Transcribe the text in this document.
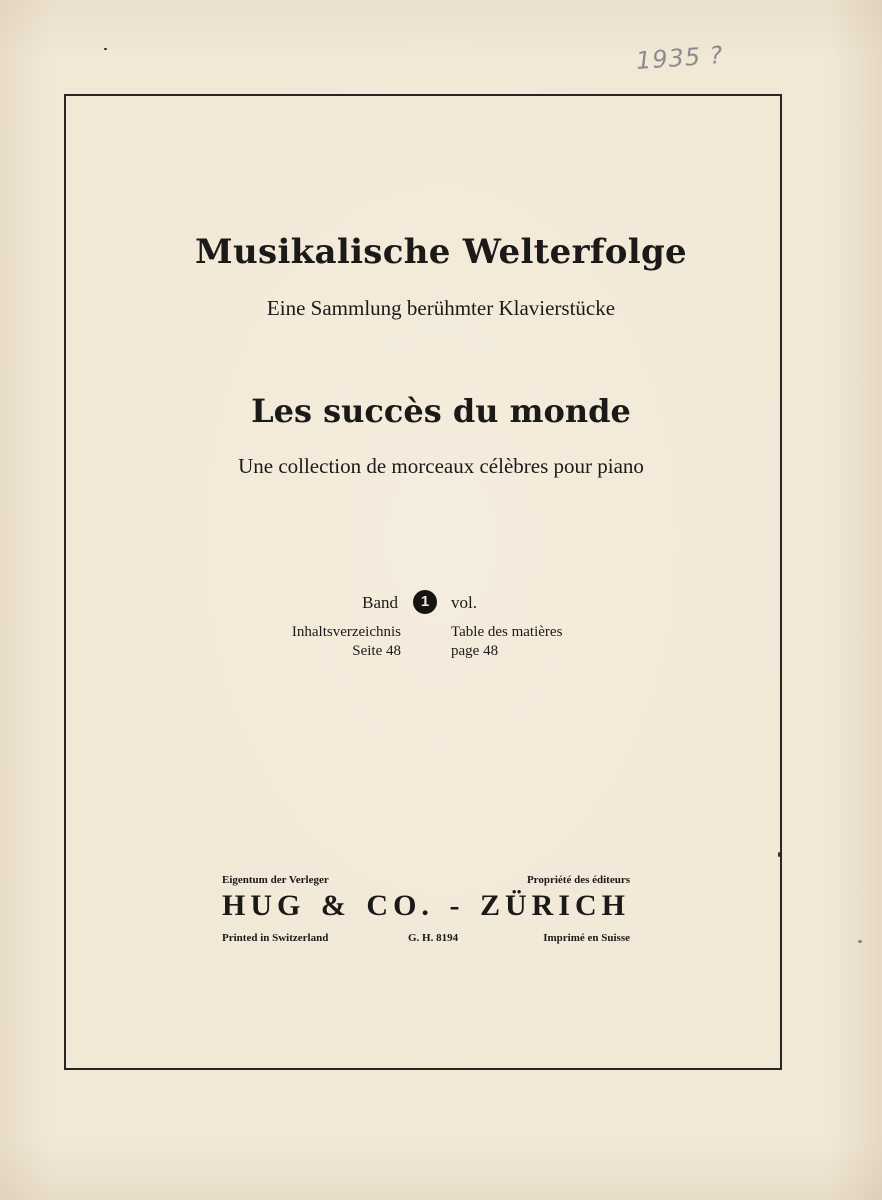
1935 ?
Musikalische Welterfolge
Eine Sammlung berühmter Klavierstücke
Les succès du monde
Une collection de morceaux célèbres pour piano
Band	1	vol.
Inhaltsverzeichnis
Seite 48
Table des matières
page 48
Eigentum der Verleger	Propriété des éditeurs
HUG & CO. - ZÜRICH
Printed in Switzerland	G. H. 8194	Imprimé en Suisse
